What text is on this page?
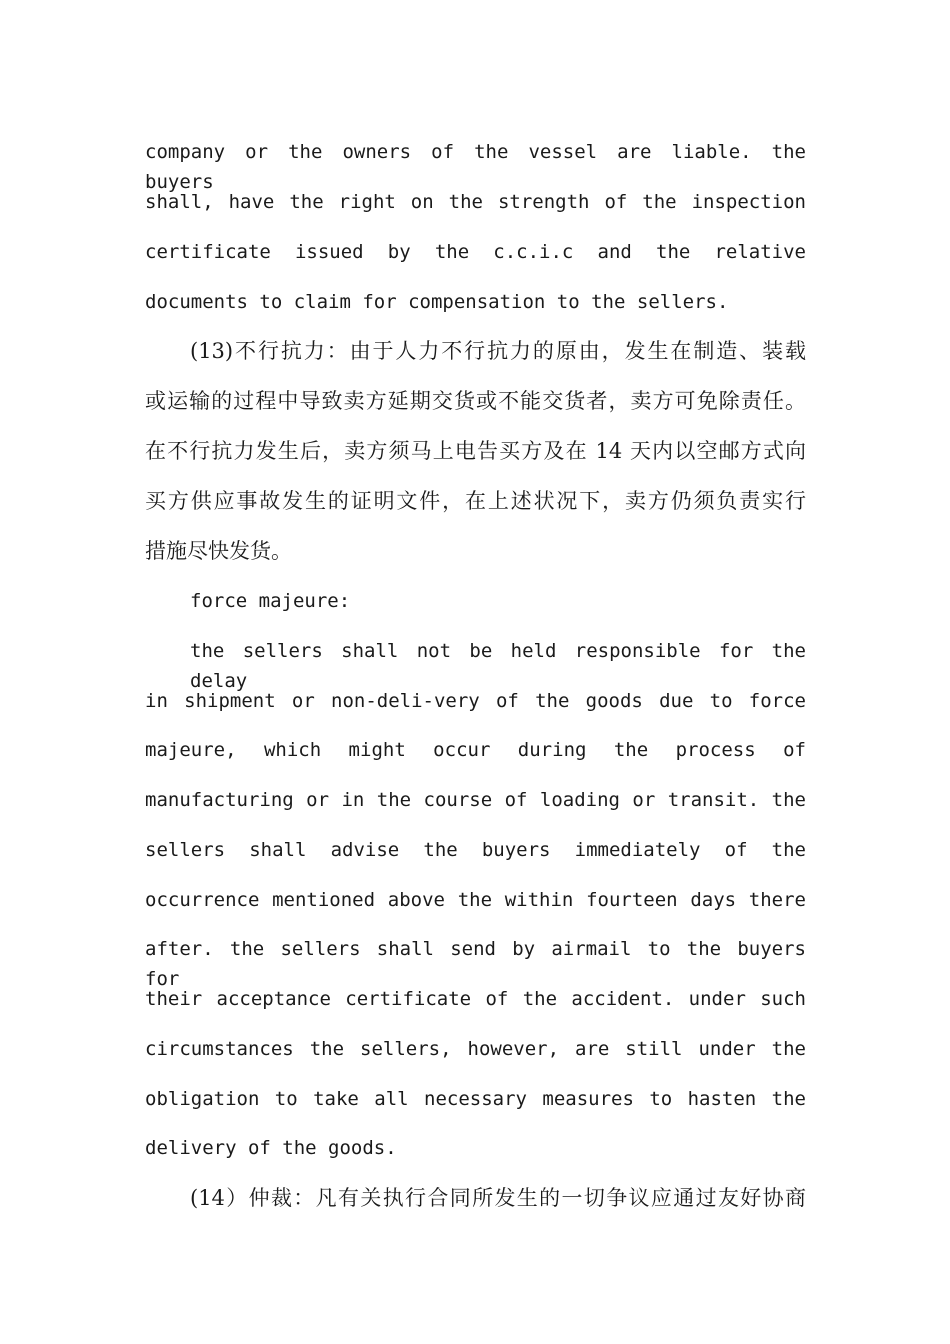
company or the owners of the vessel are liable. the buyers
shall, have the right on the strength of the inspection
certificate issued by the c.c.i.c and the relative
documents to claim for compensation to the sellers.
(13)不行抗力：由于人力不行抗力的原由，发生在制造、装载
或运输的过程中导致卖方延期交货或不能交货者，卖方可免除责任。
在不行抗力发生后，卖方须马上电告买方及在 14 天内以空邮方式向
买方供应事故发生的证明文件，在上述状况下，卖方仍须负责实行
措施尽快发货。
force majeure:
the sellers shall not be held responsible for the delay
in shipment or non-deli-very of the goods due to force
majeure, which might occur during the process of
manufacturing or in the course of loading or transit. the
sellers shall advise the buyers immediately of the
occurrence mentioned above the within fourteen days there
after. the sellers shall send by airmail to the buyers for
their acceptance certificate of the accident. under such
circumstances the sellers, however, are still under the
obligation to take all necessary measures to hasten the
delivery of the goods.
(14）仲裁：凡有关执行合同所发生的一切争议应通过友好协商
